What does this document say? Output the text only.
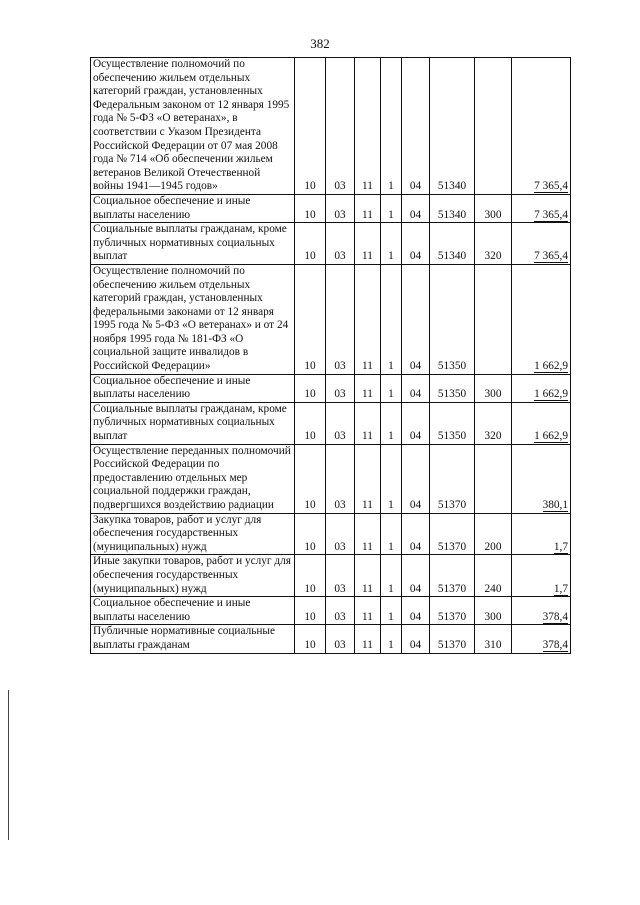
382
Осуществление полномочий по обеспечению жильем отдельных категорий граждан, установленных Федеральным законом от 12 января 1995 года № 5-ФЗ «О ветеранах», в соответствии с Указом Президента Российской Федерации от 07 мая 2008 года № 714 «Об обеспечении жильем ветеранов Великой Отечественной войны 1941—1945 годов»	10	03	11	1	04	51340		7 365,4
Социальное обеспечение и иные выплаты населению	10	03	11	1	04	51340	300	7 365,4
Социальные выплаты гражданам, кроме публичных нормативных социальных выплат	10	03	11	1	04	51340	320	7 365,4
Осуществление полномочий по обеспечению жильем отдельных категорий граждан, установленных федеральными законами от 12 января 1995 года № 5-ФЗ «О ветеранах» и от 24 ноября 1995 года № 181-ФЗ «О социальной защите инвалидов в Российской Федерации»	10	03	11	1	04	51350		1 662,9
Социальное обеспечение и иные выплаты населению	10	03	11	1	04	51350	300	1 662,9
Социальные выплаты гражданам, кроме публичных нормативных социальных выплат	10	03	11	1	04	51350	320	1 662,9
Осуществление переданных полномочий Российской Федерации по предоставлению отдельных мер социальной поддержки граждан, подвергшихся воздействию радиации	10	03	11	1	04	51370		380,1
Закупка товаров, работ и услуг для обеспечения государственных (муниципальных) нужд	10	03	11	1	04	51370	200	1,7
Иные закупки товаров, работ и услуг для обеспечения государственных (муниципальных) нужд	10	03	11	1	04	51370	240	1,7
Социальное обеспечение и иные выплаты населению	10	03	11	1	04	51370	300	378,4
Публичные нормативные социальные выплаты гражданам	10	03	11	1	04	51370	310	378,4
